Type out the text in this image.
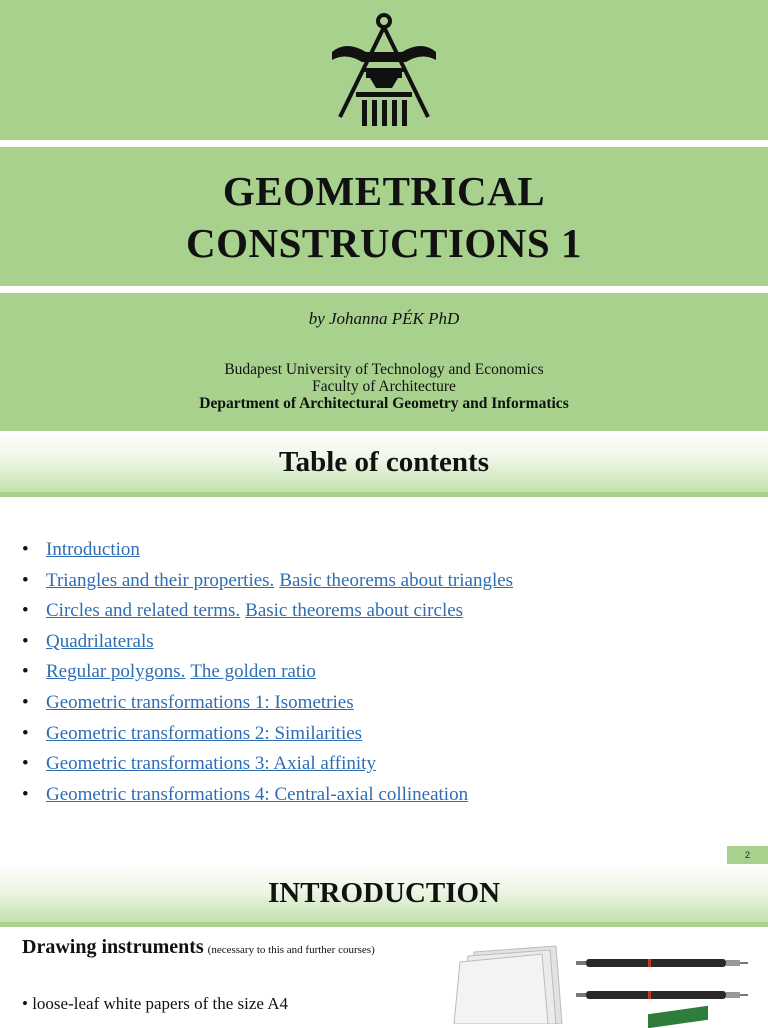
GEOMETRICAL
CONSTRUCTIONS 1
by Johanna PÉK PhD
Budapest University of Technology and Economics
Faculty of Architecture
Department of Architectural Geometry and Informatics
Table of contents
• Introduction
• Triangles and their properties. Basic theorems about triangles
• Circles and related terms. Basic theorems about circles
• Quadrilaterals
• Regular polygons. The golden ratio
• Geometric transformations 1: Isometries
• Geometric transformations 2: Similarities
• Geometric transformations 3: Axial affinity
• Geometric transformations 4: Central-axial collineation
2
INTRODUCTION
Drawing instruments (necessary to this and further courses)
• loose-leaf white papers of the size A4
